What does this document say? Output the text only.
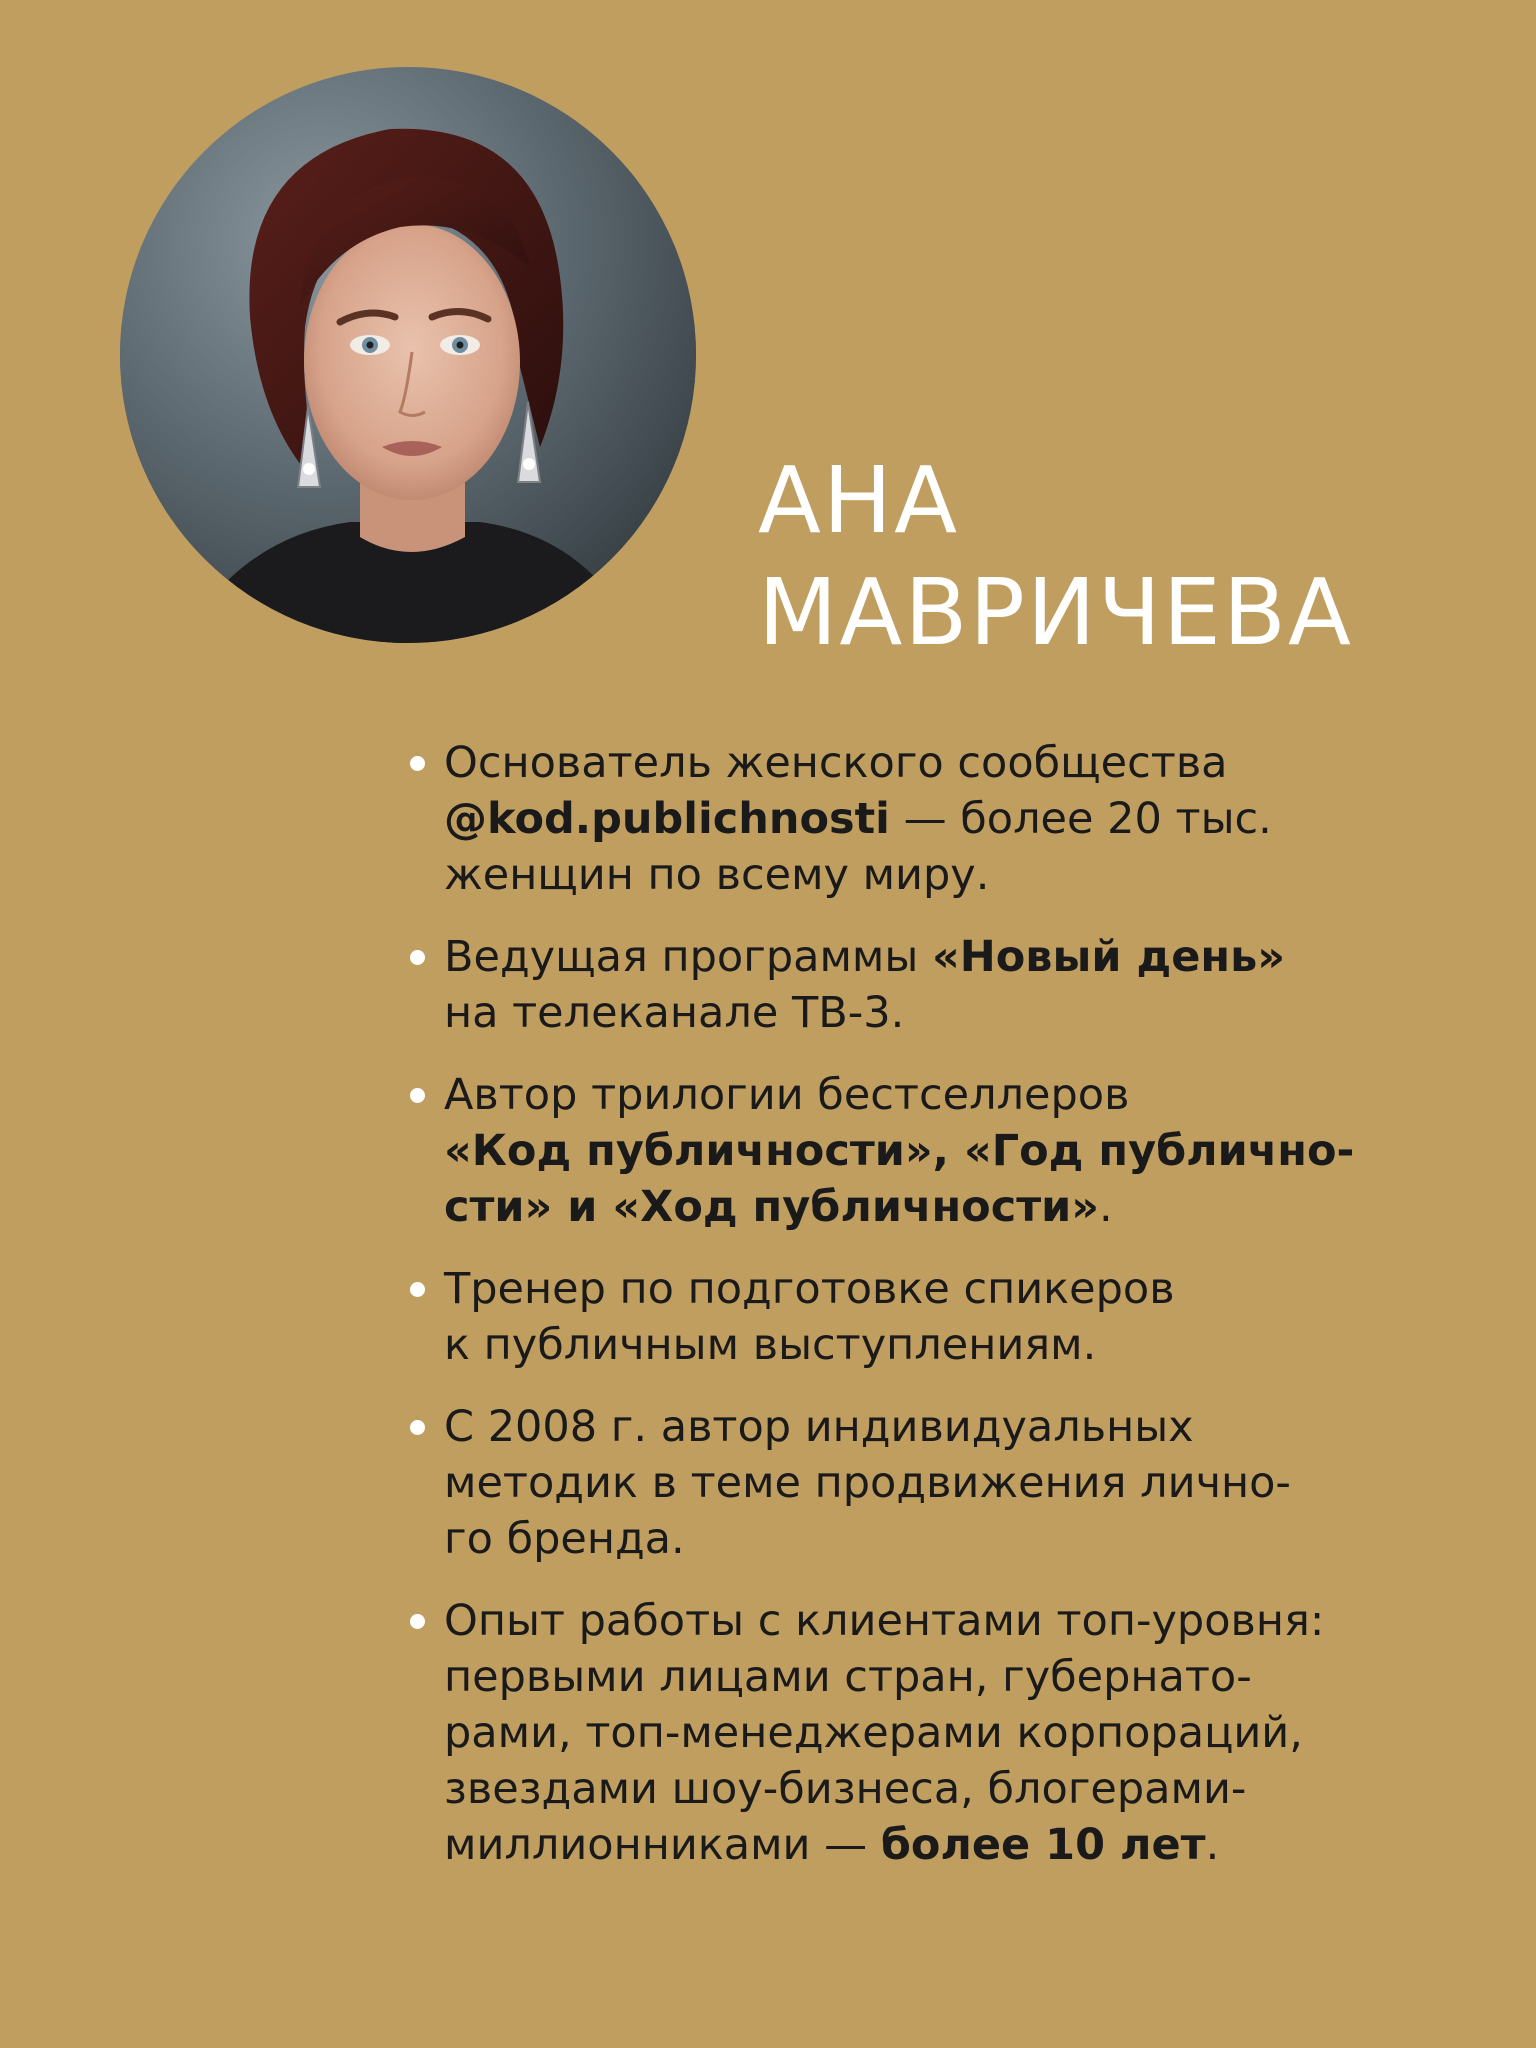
АНА
МАВРИЧЕВА
Основатель женского сообщества
@kod.publichnosti — более 20 тыс.
женщин по всему миру.
Ведущая программы «Новый день»
на телеканале ТВ-3.
Автор трилогии бестселлеров
«Код публичности», «Год публично-
сти» и «Ход публичности».
Тренер по подготовке спикеров
к публичным выступлениям.
С 2008 г. автор индивидуальных
методик в теме продвижения лично-
го бренда.
Опыт работы с клиентами топ-уровня:
первыми лицами стран, губернато-
рами, топ-менеджерами корпораций,
звездами шоу-бизнеса, блогерами-
миллионниками — более 10 лет.
